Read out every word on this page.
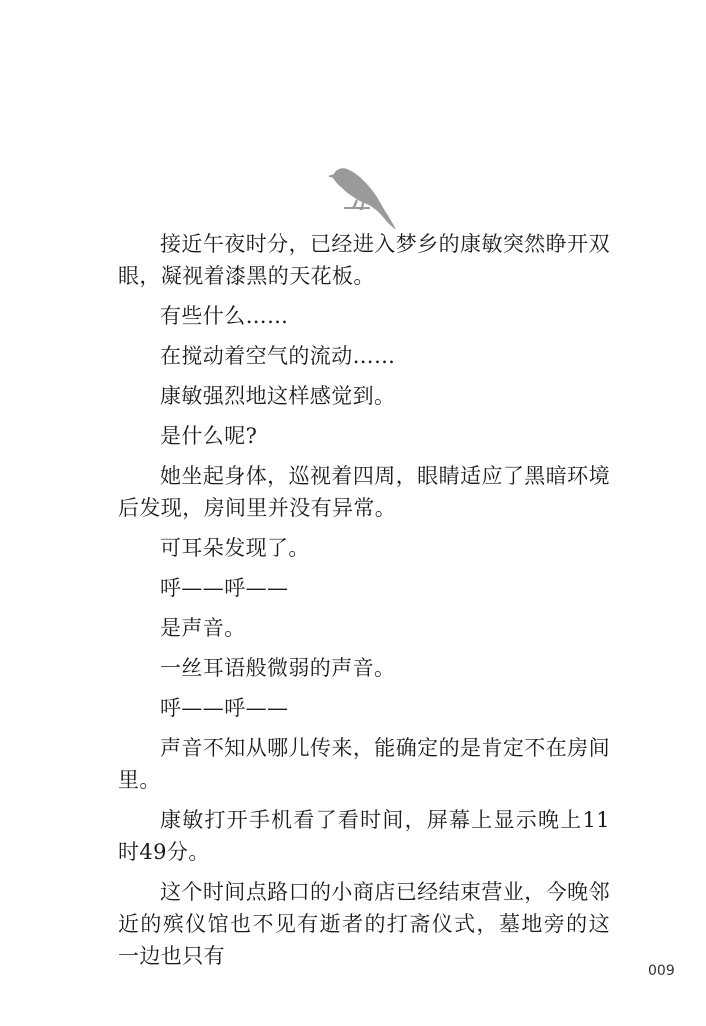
接近午夜时分，已经进入梦乡的康敏突然睁开双眼，凝视着漆黑的天花板。

有些什么……

在搅动着空气的流动……

康敏强烈地这样感觉到。

是什么呢?

她坐起身体，巡视着四周，眼睛适应了黑暗环境后发现，房间里并没有异常。

可耳朵发现了。

呼——呼——

是声音。

一丝耳语般微弱的声音。

呼——呼——

声音不知从哪儿传来，能确定的是肯定不在房间里。

康敏打开手机看了看时间，屏幕上显示晚上11时49分。

这个时间点路口的小商店已经结束营业，今晚邻近的殡仪馆也不见有逝者的打斋仪式，墓地旁的这一边也只有

009
